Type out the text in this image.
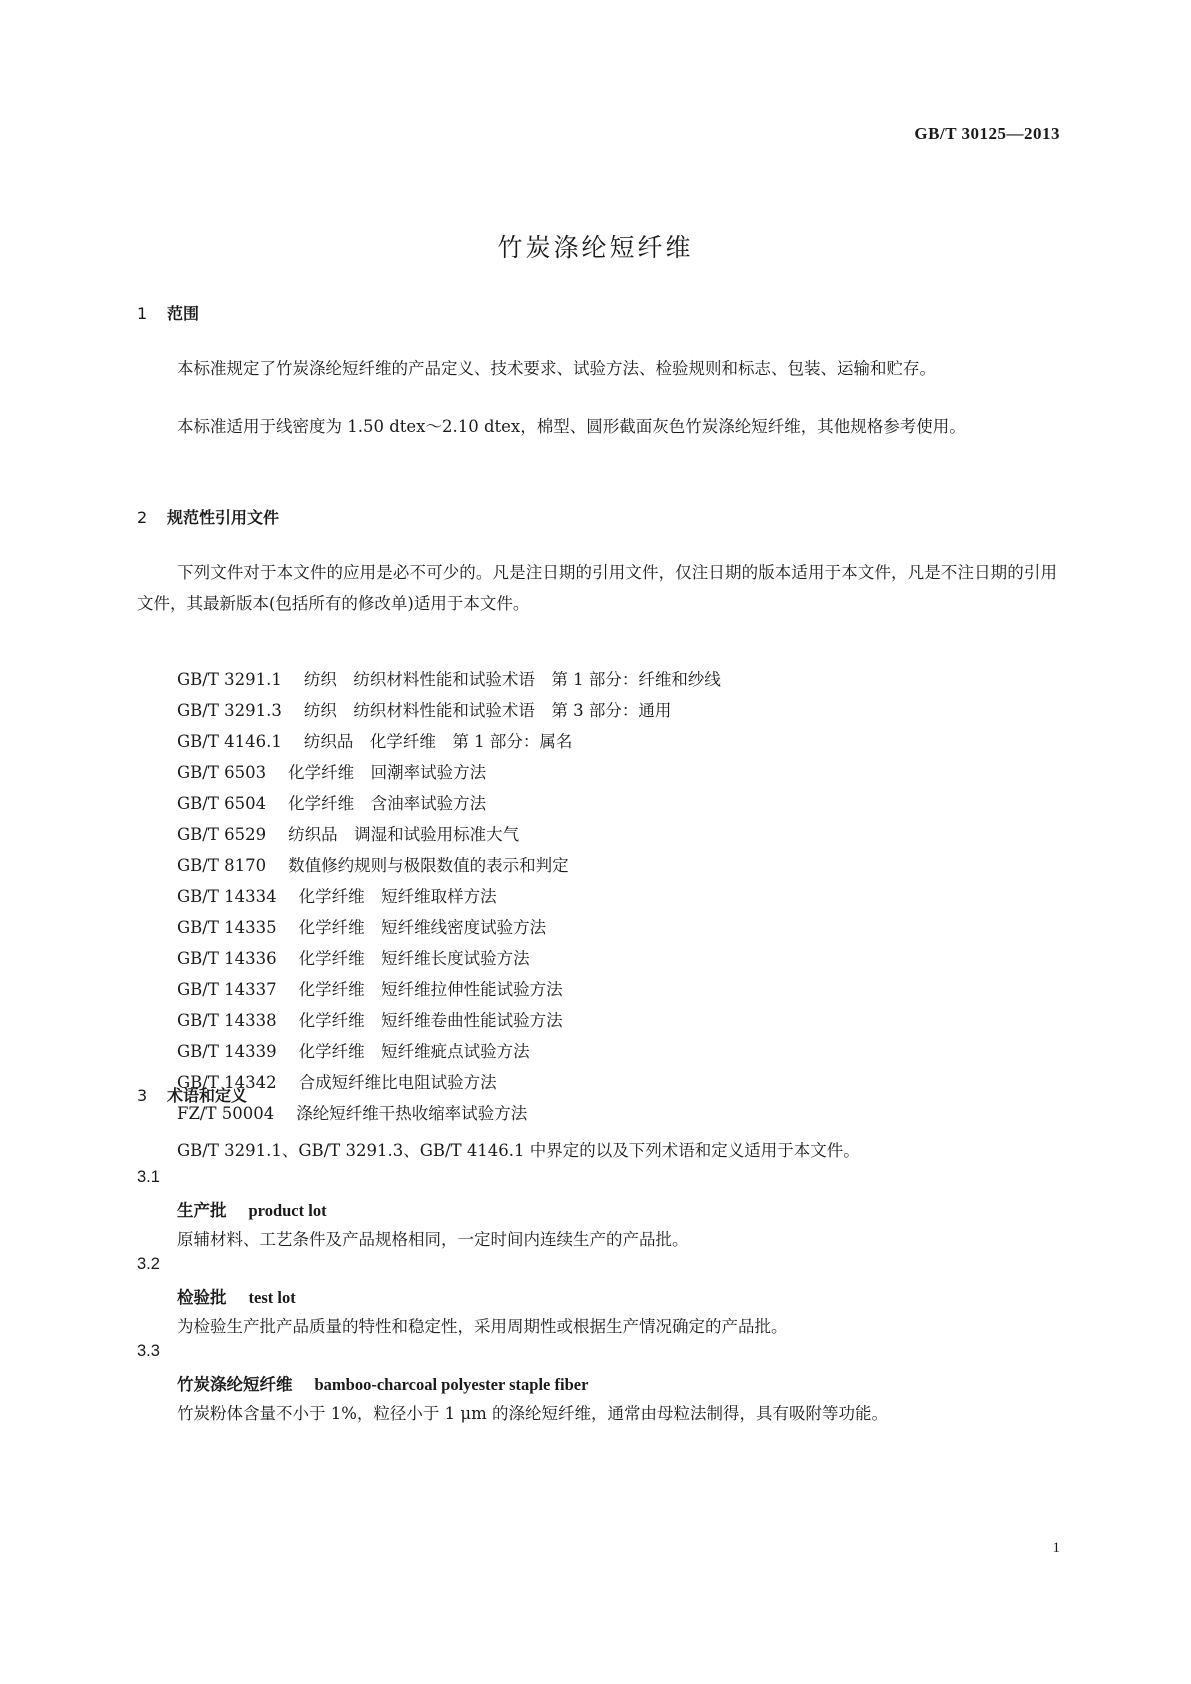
GB/T 30125—2013
竹炭涤纶短纤维
1 范围
本标准规定了竹炭涤纶短纤维的产品定义、技术要求、试验方法、检验规则和标志、包装、运输和贮存。
本标准适用于线密度为 1.50 dtex～2.10 dtex，棉型、圆形截面灰色竹炭涤纶短纤维，其他规格参考使用。
2 规范性引用文件
下列文件对于本文件的应用是必不可少的。凡是注日期的引用文件，仅注日期的版本适用于本文件，凡是不注日期的引用文件，其最新版本(包括所有的修改单)适用于本文件。
GB/T 3291.1 纺织　纺织材料性能和试验术语　第 1 部分：纤维和纱线
GB/T 3291.3 纺织　纺织材料性能和试验术语　第 3 部分：通用
GB/T 4146.1 纺织品　化学纤维　第 1 部分：属名
GB/T 6503 化学纤维　回潮率试验方法
GB/T 6504 化学纤维　含油率试验方法
GB/T 6529 纺织品　调湿和试验用标准大气
GB/T 8170 数值修约规则与极限数值的表示和判定
GB/T 14334 化学纤维　短纤维取样方法
GB/T 14335 化学纤维　短纤维线密度试验方法
GB/T 14336 化学纤维　短纤维长度试验方法
GB/T 14337 化学纤维　短纤维拉伸性能试验方法
GB/T 14338 化学纤维　短纤维卷曲性能试验方法
GB/T 14339 化学纤维　短纤维疵点试验方法
GB/T 14342 合成短纤维比电阻试验方法
FZ/T 50004 涤纶短纤维干热收缩率试验方法
3 术语和定义
GB/T 3291.1、GB/T 3291.3、GB/T 4146.1 中界定的以及下列术语和定义适用于本文件。
3.1
生产批 product lot
原辅材料、工艺条件及产品规格相同，一定时间内连续生产的产品批。
3.2
检验批 test lot
为检验生产批产品质量的特性和稳定性，采用周期性或根据生产情况确定的产品批。
3.3
竹炭涤纶短纤维 bamboo-charcoal polyester staple fiber
竹炭粉体含量不小于 1%，粒径小于 1 μm 的涤纶短纤维，通常由母粒法制得，具有吸附等功能。
1
